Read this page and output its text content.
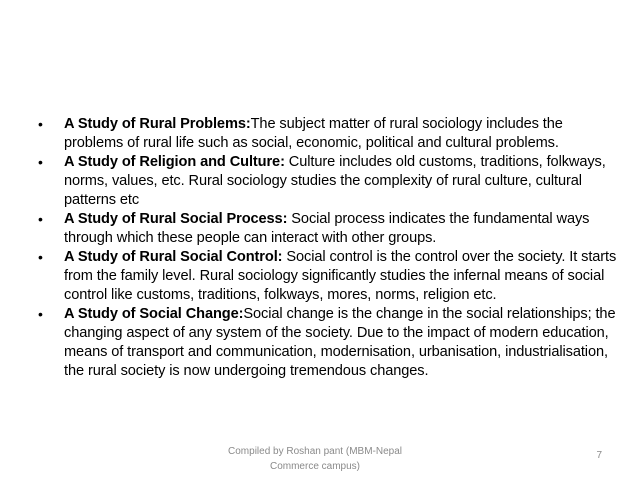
• A Study of Rural Problems:The subject matter of rural sociology includes the problems of rural life such as social, economic, political and cultural problems.
• A Study of Religion and Culture: Culture includes old customs, traditions, folkways, norms, values, etc. Rural sociology studies the complexity of rural culture, cultural patterns etc
• A Study of Rural Social Process: Social process indicates the fundamental ways through which these people can interact with other groups.
• A Study of Rural Social Control: Social control is the control over the society. It starts from the family level. Rural sociology significantly studies the infernal means of social control like customs, traditions, folkways, mores, norms, religion etc.
• A Study of Social Change:Social change is the change in the social relationships; the changing aspect of any system of the society. Due to the impact of modern education, means of transport and communication, modernisation, urbanisation, industrialisation, the rural society is now undergoing tremendous changes.
Compiled by Roshan pant (MBM-Nepal Commerce campus)
7
